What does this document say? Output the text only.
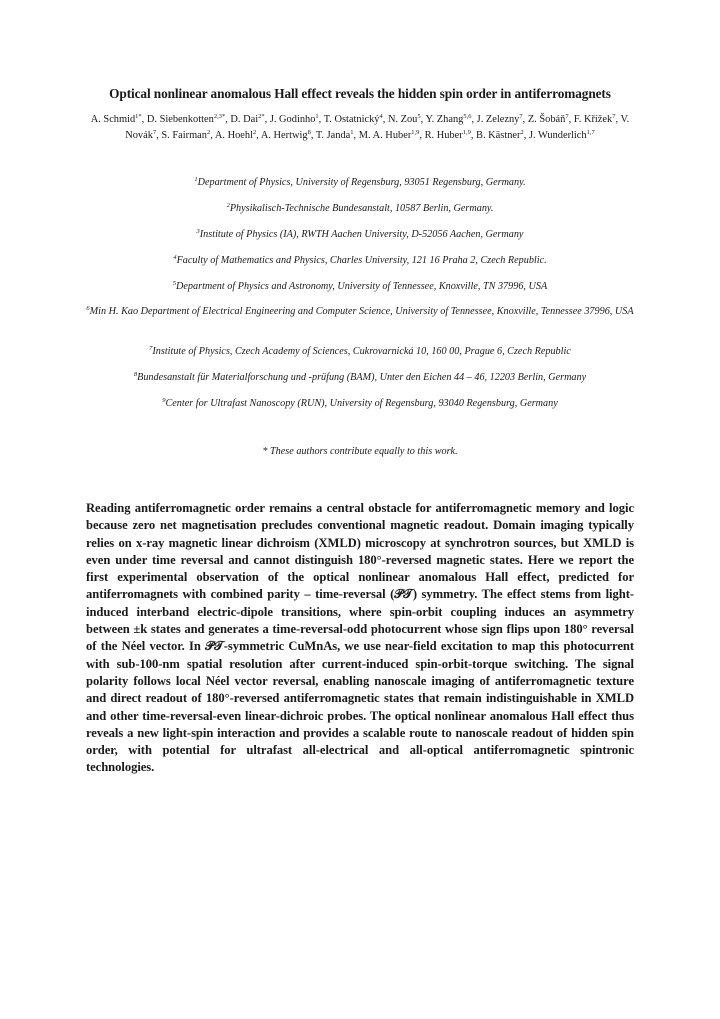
Optical nonlinear anomalous Hall effect reveals the hidden spin order in antiferromagnets
A. Schmid$^{1*}$, D. Siebenkotten$^{2,3*}$, D. Dai$^{2*}$, J. Godinho$^1$, T. Ostatnický$^4$, N. Zou$^5$, Y. Zhang$^{5,6}$, J. Zelezny$^7$, Z. Šobáň$^7$, F. Křížek$^7$, V. Novák$^7$, S. Fairman$^2$, A. Hoehl$^2$, A. Hertwig$^8$, T. Janda$^1$, M. A. Huber$^{1,9}$, R. Huber$^{1,9}$, B. Kästner$^2$, J. Wunderlich$^{1,7}$
$^1$Department of Physics, University of Regensburg, 93051 Regensburg, Germany.
$^2$Physikalisch-Technische Bundesanstalt, 10587 Berlin, Germany.
$^3$Institute of Physics (IA), RWTH Aachen University, D-52056 Aachen, Germany
$^4$Faculty of Mathematics and Physics, Charles University, 121 16 Praha 2, Czech Republic.
$^5$Department of Physics and Astronomy, University of Tennessee, Knoxville, TN 37996, USA
$^6$Min H. Kao Department of Electrical Engineering and Computer Science, University of Tennessee, Knoxville, Tennessee 37996, USA
$^7$Institute of Physics, Czech Academy of Sciences, Cukrovarnická 10, 160 00, Prague 6, Czech Republic
$^8$Bundesanstalt für Materialforschung und -prüfung (BAM), Unter den Eichen 44 – 46, 12203 Berlin, Germany
$^9$Center for Ultrafast Nanoscopy (RUN), University of Regensburg, 93040 Regensburg, Germany
* These authors contribute equally to this work.
Reading antiferromagnetic order remains a central obstacle for antiferromagnetic memory and logic because zero net magnetisation precludes conventional magnetic readout. Domain imaging typically relies on x-ray magnetic linear dichroism (XMLD) microscopy at synchrotron sources, but XMLD is even under time reversal and cannot distinguish 180°-reversed magnetic states. Here we report the first experimental observation of the optical nonlinear anomalous Hall effect, predicted for antiferromagnets with combined parity – time-reversal (𝒫𝒯) symmetry. The effect stems from light-induced interband electric-dipole transitions, where spin-orbit coupling induces an asymmetry between ±k states and generates a time-reversal-odd photocurrent whose sign flips upon 180° reversal of the Néel vector. In 𝒫𝒯-symmetric CuMnAs, we use near-field excitation to map this photocurrent with sub-100-nm spatial resolution after current-induced spin-orbit-torque switching. The signal polarity follows local Néel vector reversal, enabling nanoscale imaging of antiferromagnetic texture and direct readout of 180°-reversed antiferromagnetic states that remain indistinguishable in XMLD and other time-reversal-even linear-dichroic probes. The optical nonlinear anomalous Hall effect thus reveals a new light-spin interaction and provides a scalable route to nanoscale readout of hidden spin order, with potential for ultrafast all-electrical and all-optical antiferromagnetic spintronic technologies.
